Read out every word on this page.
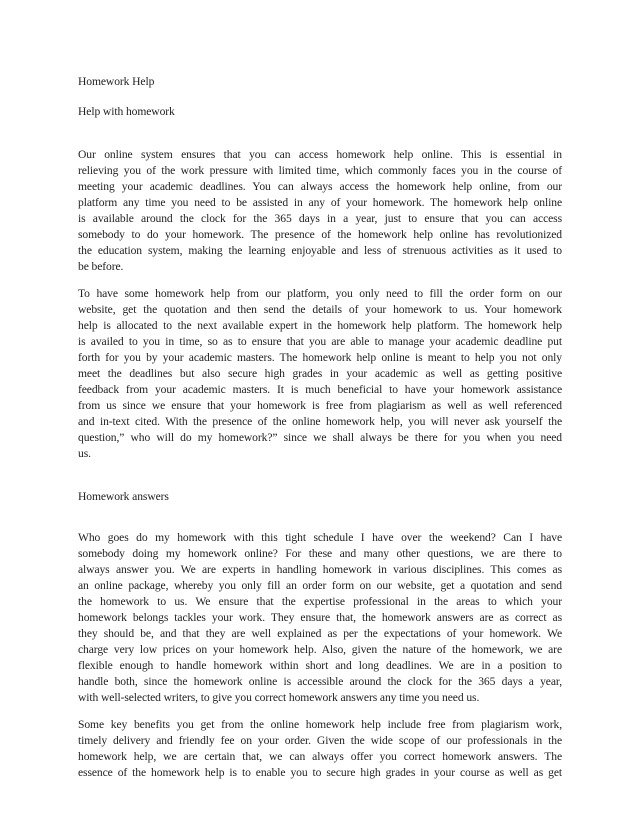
Homework Help
Help with homework
Our online system ensures that you can access homework help online. This is essential in
relieving you of the work pressure with limited time, which commonly faces you in the course of
meeting your academic deadlines. You can always access the homework help online, from our
platform any time you need to be assisted in any of your homework. The homework help online
is available around the clock for the 365 days in a year, just to ensure that you can access
somebody to do your homework. The presence of the homework help online has revolutionized
the education system, making the learning enjoyable and less of strenuous activities as it used to
be before.
To have some homework help from our platform, you only need to fill the order form on our
website, get the quotation and then send the details of your homework to us. Your homework
help is allocated to the next available expert in the homework help platform. The homework help
is availed to you in time, so as to ensure that you are able to manage your academic deadline put
forth for you by your academic masters. The homework help online is meant to help you not only
meet the deadlines but also secure high grades in your academic as well as getting positive
feedback from your academic masters. It is much beneficial to have your homework assistance
from us since we ensure that your homework is free from plagiarism as well as well referenced
and in-text cited. With the presence of the online homework help, you will never ask yourself the
question,” who will do my homework?” since we shall always be there for you when you need
us.
Homework answers
Who goes do my homework with this tight schedule I have over the weekend? Can I have
somebody doing my homework online? For these and many other questions, we are there to
always answer you. We are experts in handling homework in various disciplines. This comes as
an online package, whereby you only fill an order form on our website, get a quotation and send
the homework to us. We ensure that the expertise professional in the areas to which your
homework belongs tackles your work. They ensure that, the homework answers are as correct as
they should be, and that they are well explained as per the expectations of your homework. We
charge very low prices on your homework help. Also, given the nature of the homework, we are
flexible enough to handle homework within short and long deadlines. We are in a position to
handle both, since the homework online is accessible around the clock for the 365 days a year,
with well-selected writers, to give you correct homework answers any time you need us.
Some key benefits you get from the online homework help include free from plagiarism work,
timely delivery and friendly fee on your order. Given the wide scope of our professionals in the
homework help, we are certain that, we can always offer you correct homework answers. The
essence of the homework help is to enable you to secure high grades in your course as well as get
